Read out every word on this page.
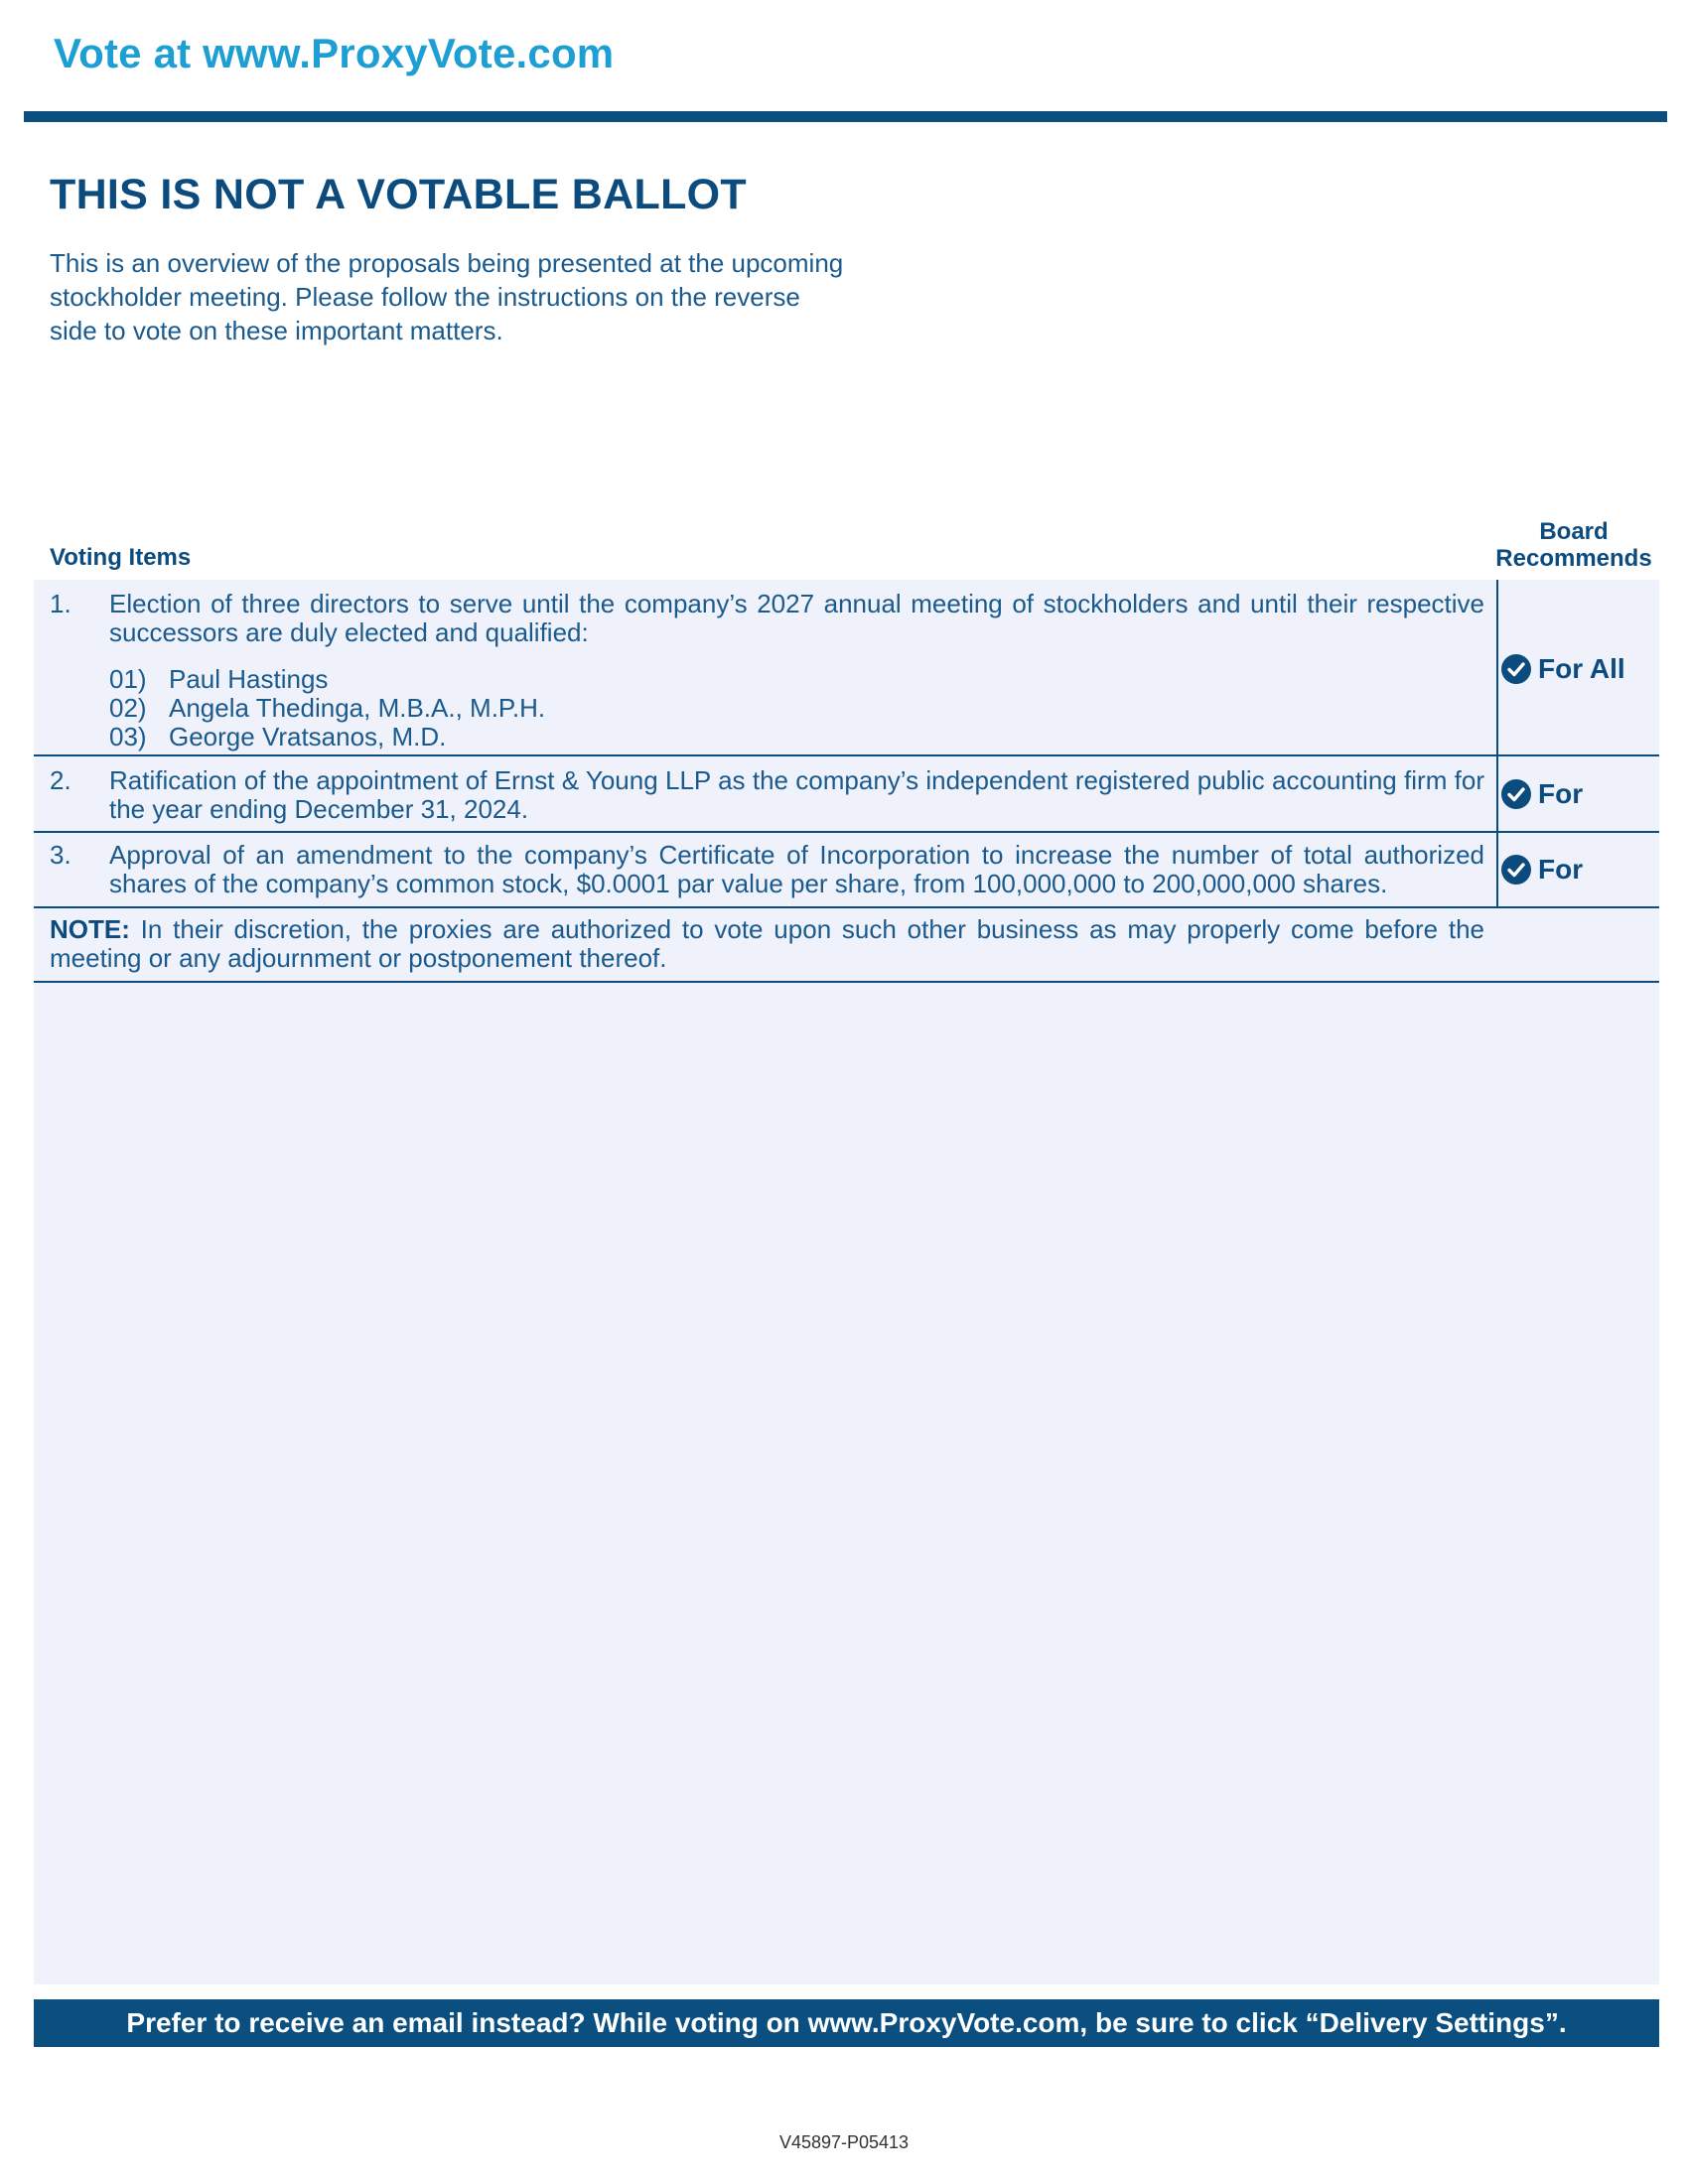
Vote at www.ProxyVote.com
THIS IS NOT A VOTABLE BALLOT
This is an overview of the proposals being presented at the upcoming stockholder meeting. Please follow the instructions on the reverse side to vote on these important matters.
Voting Items
Board Recommends
1. Election of three directors to serve until the company’s 2027 annual meeting of stockholders and until their respective successors are duly elected and qualified:
01) Paul Hastings
02) Angela Thedinga, M.B.A., M.P.H.
03) George Vratsanos, M.D.
For All
2. Ratification of the appointment of Ernst & Young LLP as the company’s independent registered public accounting firm for the year ending December 31, 2024.	For
3. Approval of an amendment to the company’s Certificate of Incorporation to increase the number of total authorized shares of the company’s common stock, $0.0001 par value per share, from 100,000,000 to 200,000,000 shares.	For
NOTE: In their discretion, the proxies are authorized to vote upon such other business as may properly come before the meeting or any adjournment or postponement thereof.
Prefer to receive an email instead? While voting on www.ProxyVote.com, be sure to click “Delivery Settings”.
V45897-P05413
